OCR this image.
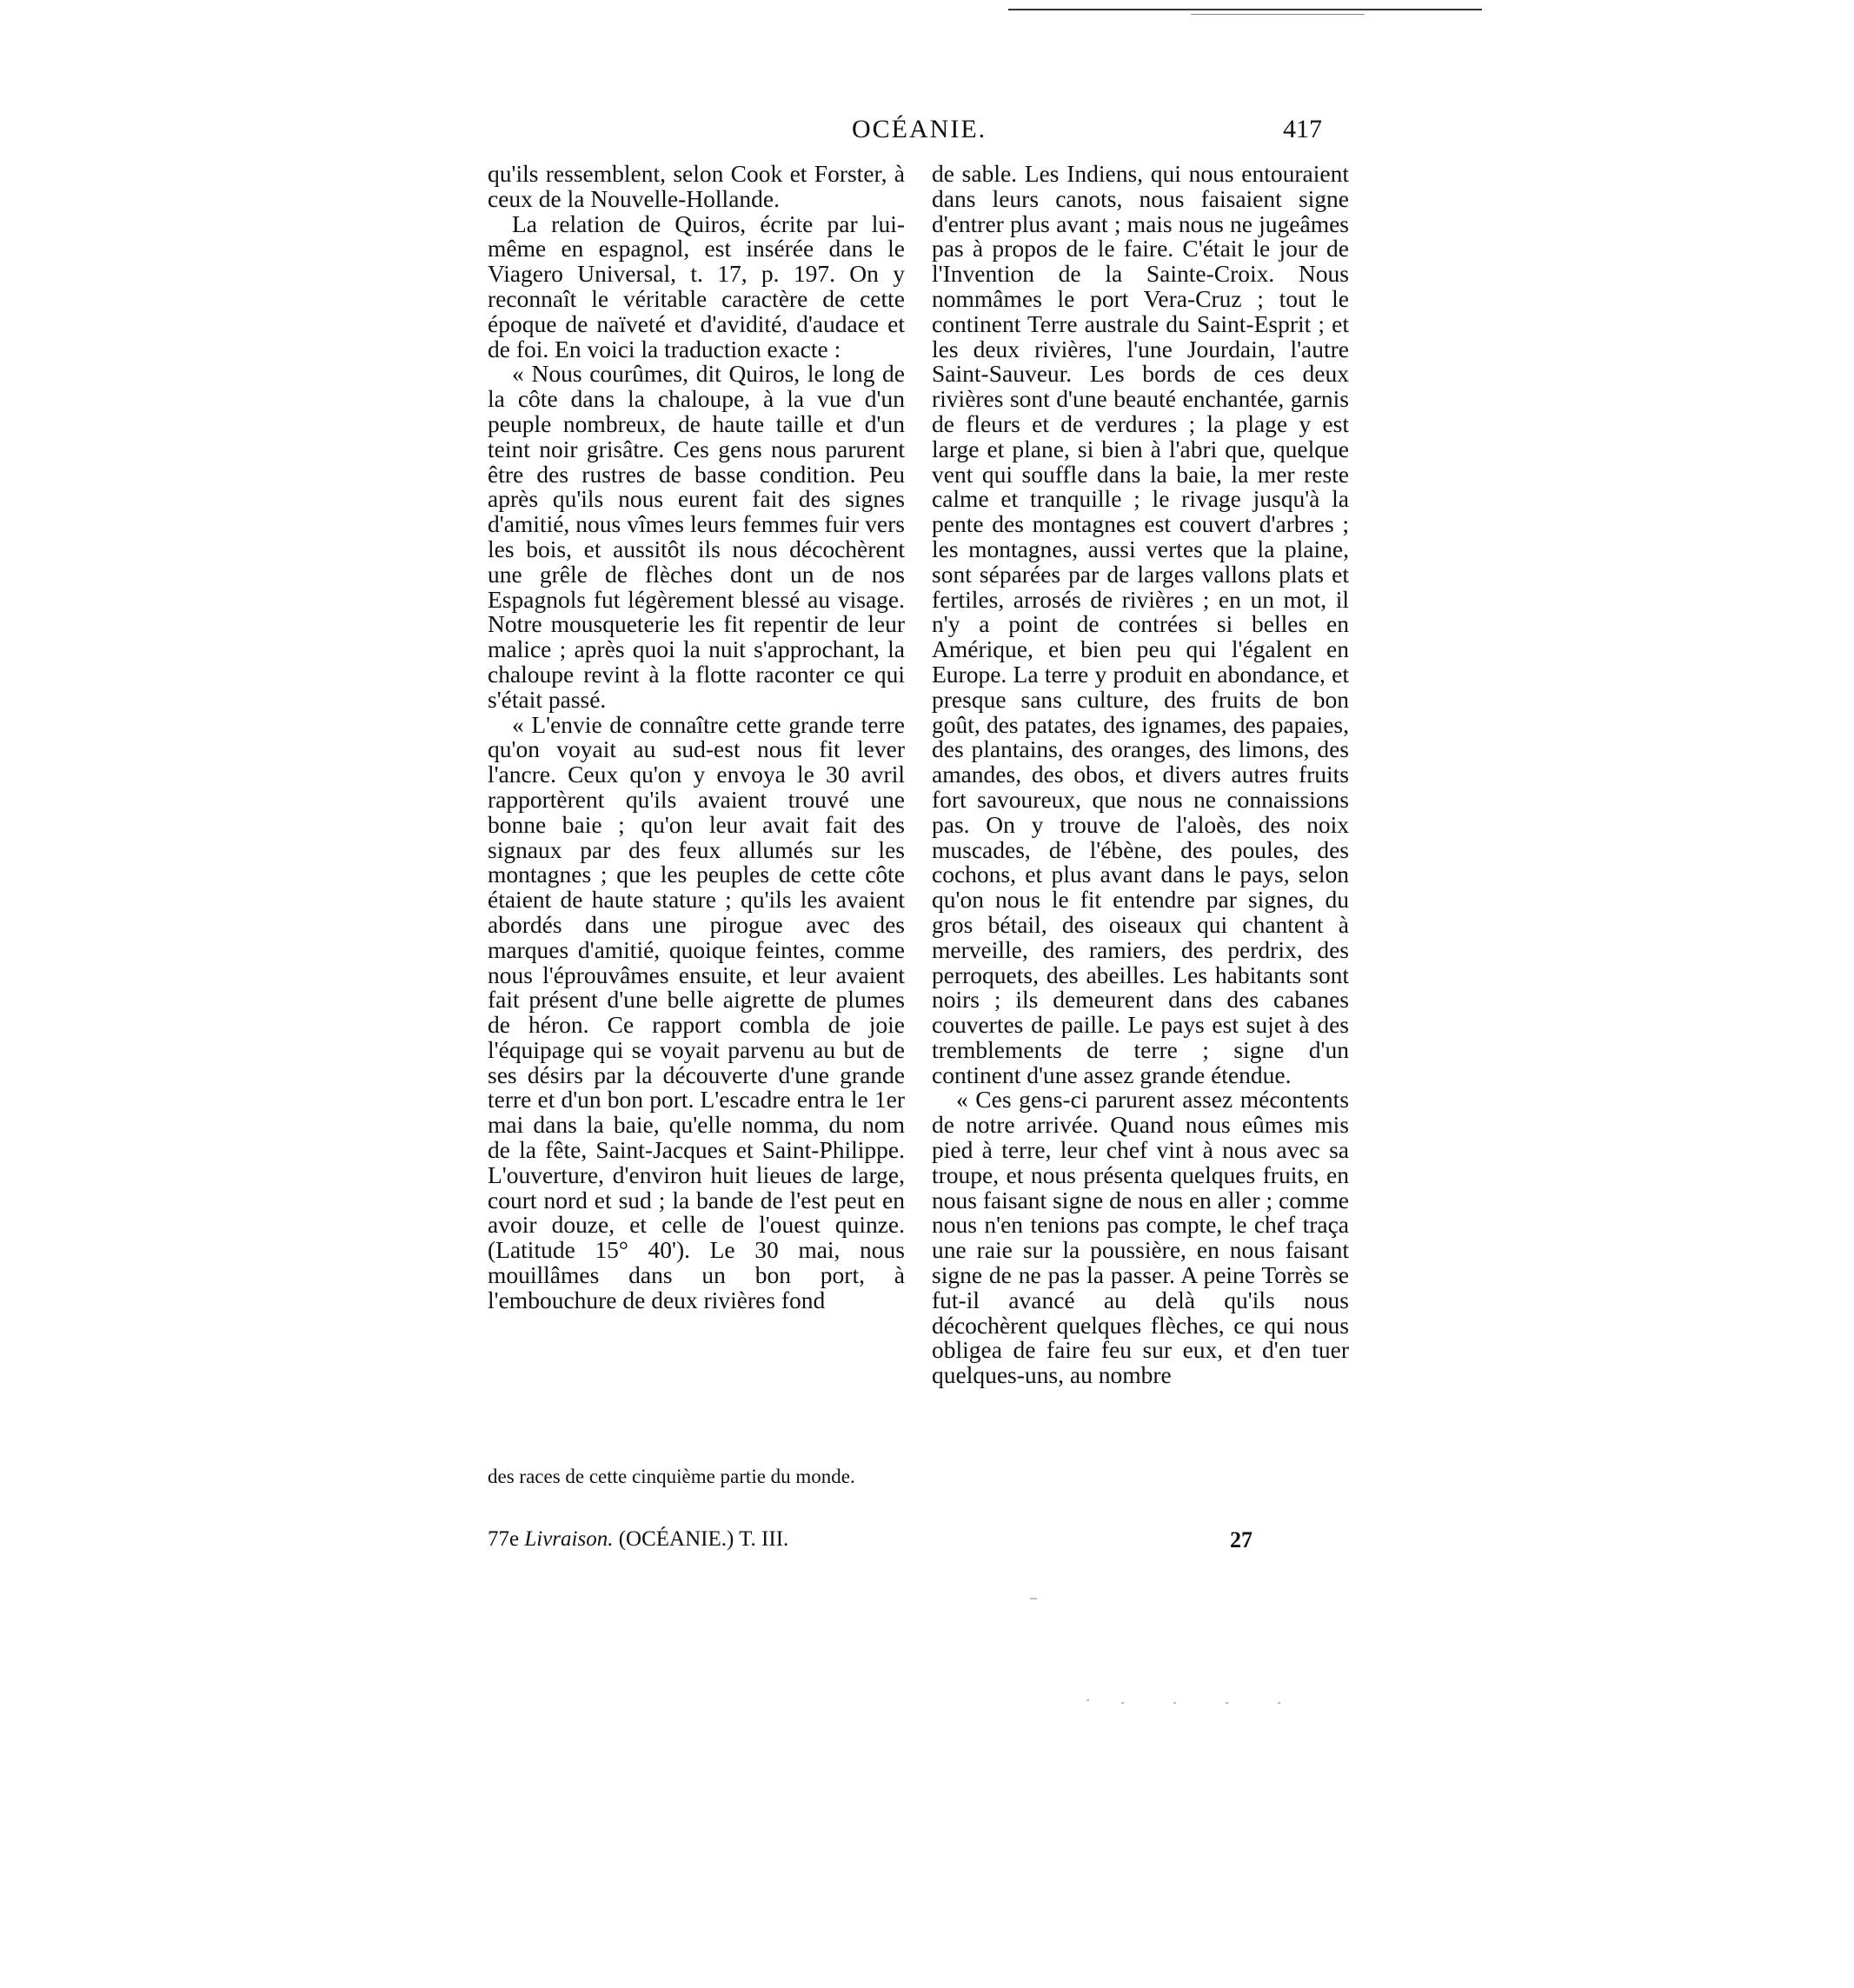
OCÉANIE.	417

qu'ils ressemblent, selon Cook et Forster, à ceux de la Nouvelle-Hollande.

La relation de Quiros, écrite par lui-même en espagnol, est insérée dans le Viagero Universal, t. 17, p. 197. On y reconnaît le véritable caractère de cette époque de naïveté et d'avidité, d'audace et de foi. En voici la traduction exacte :

« Nous courûmes, dit Quiros, le long de la côte dans la chaloupe, à la vue d'un peuple nombreux, de haute taille et d'un teint noir grisâtre. Ces gens nous parurent être des rustres de basse condition. Peu après qu'ils nous eurent fait des signes d'amitié, nous vîmes leurs femmes fuir vers les bois, et aussitôt ils nous décochèrent une grêle de flèches dont un de nos Espagnols fut légèrement blessé au visage. Notre mousqueterie les fit repentir de leur malice ; après quoi la nuit s'approchant, la chaloupe revint à la flotte raconter ce qui s'était passé.

« L'envie de connaître cette grande terre qu'on voyait au sud-est nous fit lever l'ancre. Ceux qu'on y envoya le 30 avril rapportèrent qu'ils avaient trouvé une bonne baie ; qu'on leur avait fait des signaux par des feux allumés sur les montagnes ; que les peuples de cette côte étaient de haute stature ; qu'ils les avaient abordés dans une pirogue avec des marques d'amitié, quoique feintes, comme nous l'éprouvâmes ensuite, et leur avaient fait présent d'une belle aigrette de plumes de héron. Ce rapport combla de joie l'équipage qui se voyait parvenu au but de ses désirs par la découverte d'une grande terre et d'un bon port. L'escadre entra le 1er mai dans la baie, qu'elle nomma, du nom de la fête, Saint-Jacques et Saint-Philippe. L'ouverture, d'environ huit lieues de large, court nord et sud ; la bande de l'est peut en avoir douze, et celle de l'ouest quinze. (Latitude 15° 40'). Le 30 mai, nous mouillâmes dans un bon port, à l'embouchure de deux rivières fond

de sable. Les Indiens, qui nous entouraient dans leurs canots, nous faisaient signe d'entrer plus avant ; mais nous ne jugeâmes pas à propos de le faire. C'était le jour de l'Invention de la Sainte-Croix. Nous nommâmes le port Vera-Cruz ; tout le continent Terre australe du Saint-Esprit ; et les deux rivières, l'une Jourdain, l'autre Saint-Sauveur. Les bords de ces deux rivières sont d'une beauté enchantée, garnis de fleurs et de verdures ; la plage y est large et plane, si bien à l'abri que, quelque vent qui souffle dans la baie, la mer reste calme et tranquille ; le rivage jusqu'à la pente des montagnes est couvert d'arbres ; les montagnes, aussi vertes que la plaine, sont séparées par de larges vallons plats et fertiles, arrosés de rivières ; en un mot, il n'y a point de contrées si belles en Amérique, et bien peu qui l'égalent en Europe. La terre y produit en abondance, et presque sans culture, des fruits de bon goût, des patates, des ignames, des papaies, des plantains, des oranges, des limons, des amandes, des obos, et divers autres fruits fort savoureux, que nous ne connaissions pas. On y trouve de l'aloès, des noix muscades, de l'ébène, des poules, des cochons, et plus avant dans le pays, selon qu'on nous le fit entendre par signes, du gros bétail, des oiseaux qui chantent à merveille, des ramiers, des perdrix, des perroquets, des abeilles. Les habitants sont noirs ; ils demeurent dans des cabanes couvertes de paille. Le pays est sujet à des tremblements de terre ; signe d'un continent d'une assez grande étendue.

« Ces gens-ci parurent assez mécontents de notre arrivée. Quand nous eûmes mis pied à terre, leur chef vint à nous avec sa troupe, et nous présenta quelques fruits, en nous faisant signe de nous en aller ; comme nous n'en tenions pas compte, le chef traça une raie sur la poussière, en nous faisant signe de ne pas la passer. A peine Torrès se fut-il avancé au delà qu'ils nous décochèrent quelques flèches, ce qui nous obligea de faire feu sur eux, et d'en tuer quelques-uns, au nombre

des races de cette cinquième partie du monde.
77e Livraison. (OCÉANIE.) T. III.	27
